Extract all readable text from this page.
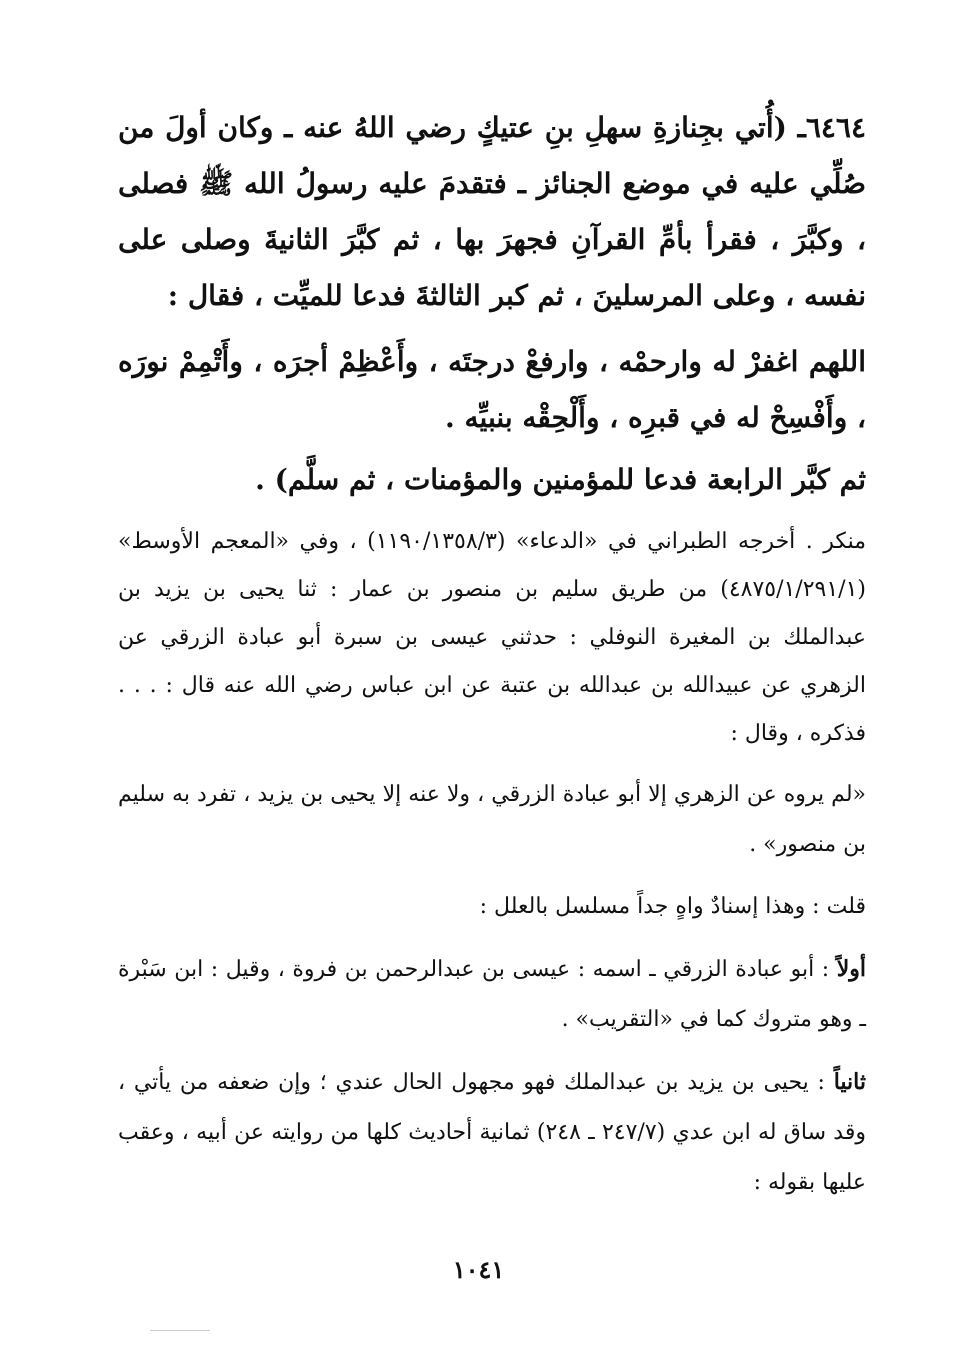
٦٤٦٤ـ (أُتي بجِنازةِ سهلِ بنِ عتيكٍ رضي اللهُ عنه ـ وكان أولَ من صُلِّي عليه في موضع الجنائز ـ فتقدمَ عليه رسولُ الله ﷺ فصلى ، وكبَّرَ ، فقرأ بأمِّ القرآنِ فجهرَ بها ، ثم كبَّرَ الثانيةَ وصلى على نفسه ، وعلى المرسلينَ ، ثم كبر الثالثةَ فدعا للميِّت ، فقال :

اللهم اغفرْ له وارحمْه ، وارفعْ درجتَه ، وأَعْظِمْ أجرَه ، وأَتْمِمْ نورَه ، وأَفْسِحْ له في قبرِه ، وأَلْحِقْه بنبيِّه .

ثم كبَّر الرابعة فدعا للمؤمنين والمؤمنات ، ثم سلَّم) .

منكر . أخرجه الطبراني في «الدعاء» (١١٩٠/١٣٥٨/٣) ، وفي «المعجم الأوسط» (٤٨٧٥/١/٢٩١/١) من طريق سليم بن منصور بن عمار : ثنا يحيى بن يزيد بن عبدالملك بن المغيرة النوفلي : حدثني عيسى بن سبرة أبو عبادة الزرقي عن الزهري عن عبيدالله بن عبدالله بن عتبة عن ابن عباس رضي الله عنه قال : . . . فذكره ، وقال :

«لم يروه عن الزهري إلا أبو عبادة الزرقي ، ولا عنه إلا يحيى بن يزيد ، تفرد به سليم بن منصور» .

قلت : وهذا إسنادٌ واهٍ جداً مسلسل بالعلل :

أولاً : أبو عبادة الزرقي ـ اسمه : عيسى بن عبدالرحمن بن فروة ، وقيل : ابن سَبْرة ـ وهو متروك كما في «التقريب» .

ثانياً : يحيى بن يزيد بن عبدالملك فهو مجهول الحال عندي ؛ وإن ضعفه من يأتي ، وقد ساق له ابن عدي (٢٤٧/٧ ـ ٢٤٨) ثمانية أحاديث كلها من روايته عن أبيه ، وعقب عليها بقوله :

١٠٤١
